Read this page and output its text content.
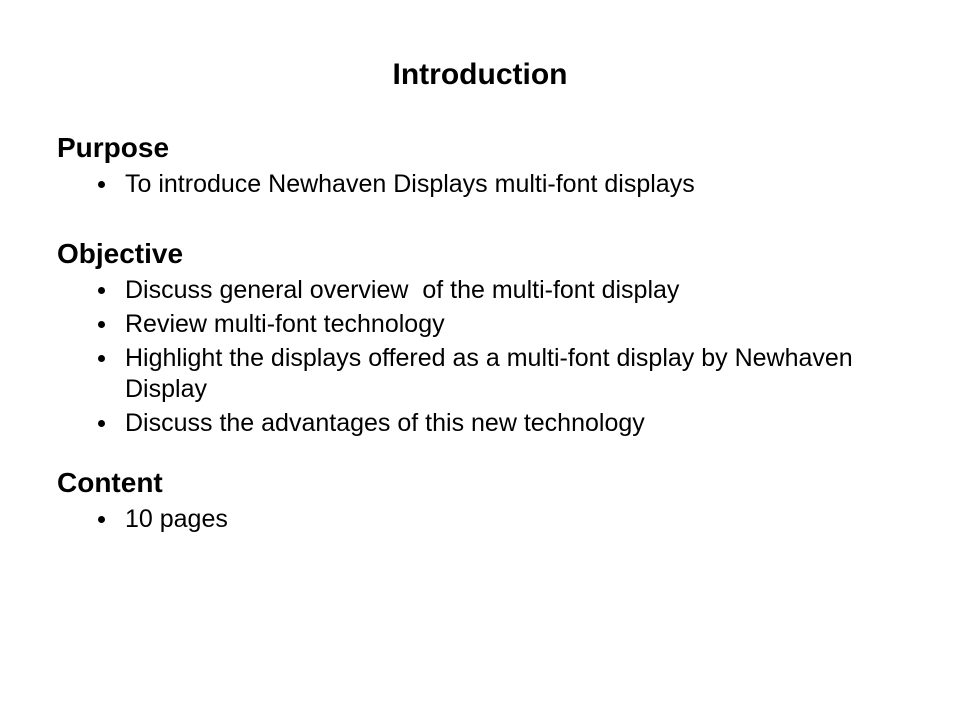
Introduction
Purpose
To introduce Newhaven Displays multi-font displays
Objective
Discuss general overview  of the multi-font display
Review multi-font technology
Highlight the displays offered as a multi-font display by Newhaven Display
Discuss the advantages of this new technology
Content
10 pages
